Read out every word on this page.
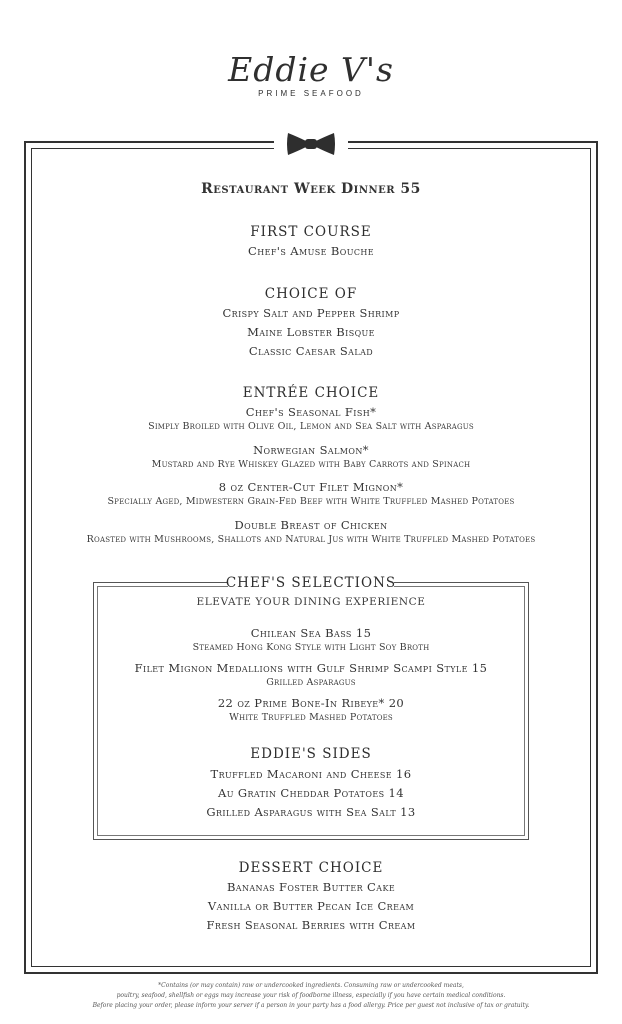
Eddie V's
PRIME SEAFOOD
Restaurant Week Dinner 55
FIRST COURSE
Chef's Amuse Bouche
CHOICE OF
Crispy Salt and Pepper Shrimp
Maine Lobster Bisque
Classic Caesar Salad
ENTRÉE CHOICE
Chef's Seasonal Fish*
Simply Broiled with Olive Oil, Lemon and Sea Salt with Asparagus
Norwegian Salmon*
Mustard and Rye Whiskey Glazed with Baby Carrots and Spinach
8 oz Center-Cut Filet Mignon*
Specially Aged, Midwestern Grain-Fed Beef with White Truffled Mashed Potatoes
Double Breast of Chicken
Roasted with Mushrooms, Shallots and Natural Jus with White Truffled Mashed Potatoes
CHEF'S SELECTIONS
ELEVATE YOUR DINING EXPERIENCE
Chilean Sea Bass 15
Steamed Hong Kong Style with Light Soy Broth
Filet Mignon Medallions with Gulf Shrimp Scampi Style 15
Grilled Asparagus
22 oz Prime Bone-In Ribeye* 20
White Truffled Mashed Potatoes
EDDIE'S SIDES
Truffled Macaroni and Cheese 16
Au Gratin Cheddar Potatoes 14
Grilled Asparagus with Sea Salt 13
DESSERT CHOICE
Bananas Foster Butter Cake
Vanilla or Butter Pecan Ice Cream
Fresh Seasonal Berries with Cream
*Contains (or may contain) raw or undercooked ingredients. Consuming raw or undercooked meats,
poultry, seafood, shellfish or eggs may increase your risk of foodborne illness, especially if you have certain medical conditions.
Before placing your order, please inform your server if a person in your party has a food allergy. Price per guest not inclusive of tax or gratuity.
